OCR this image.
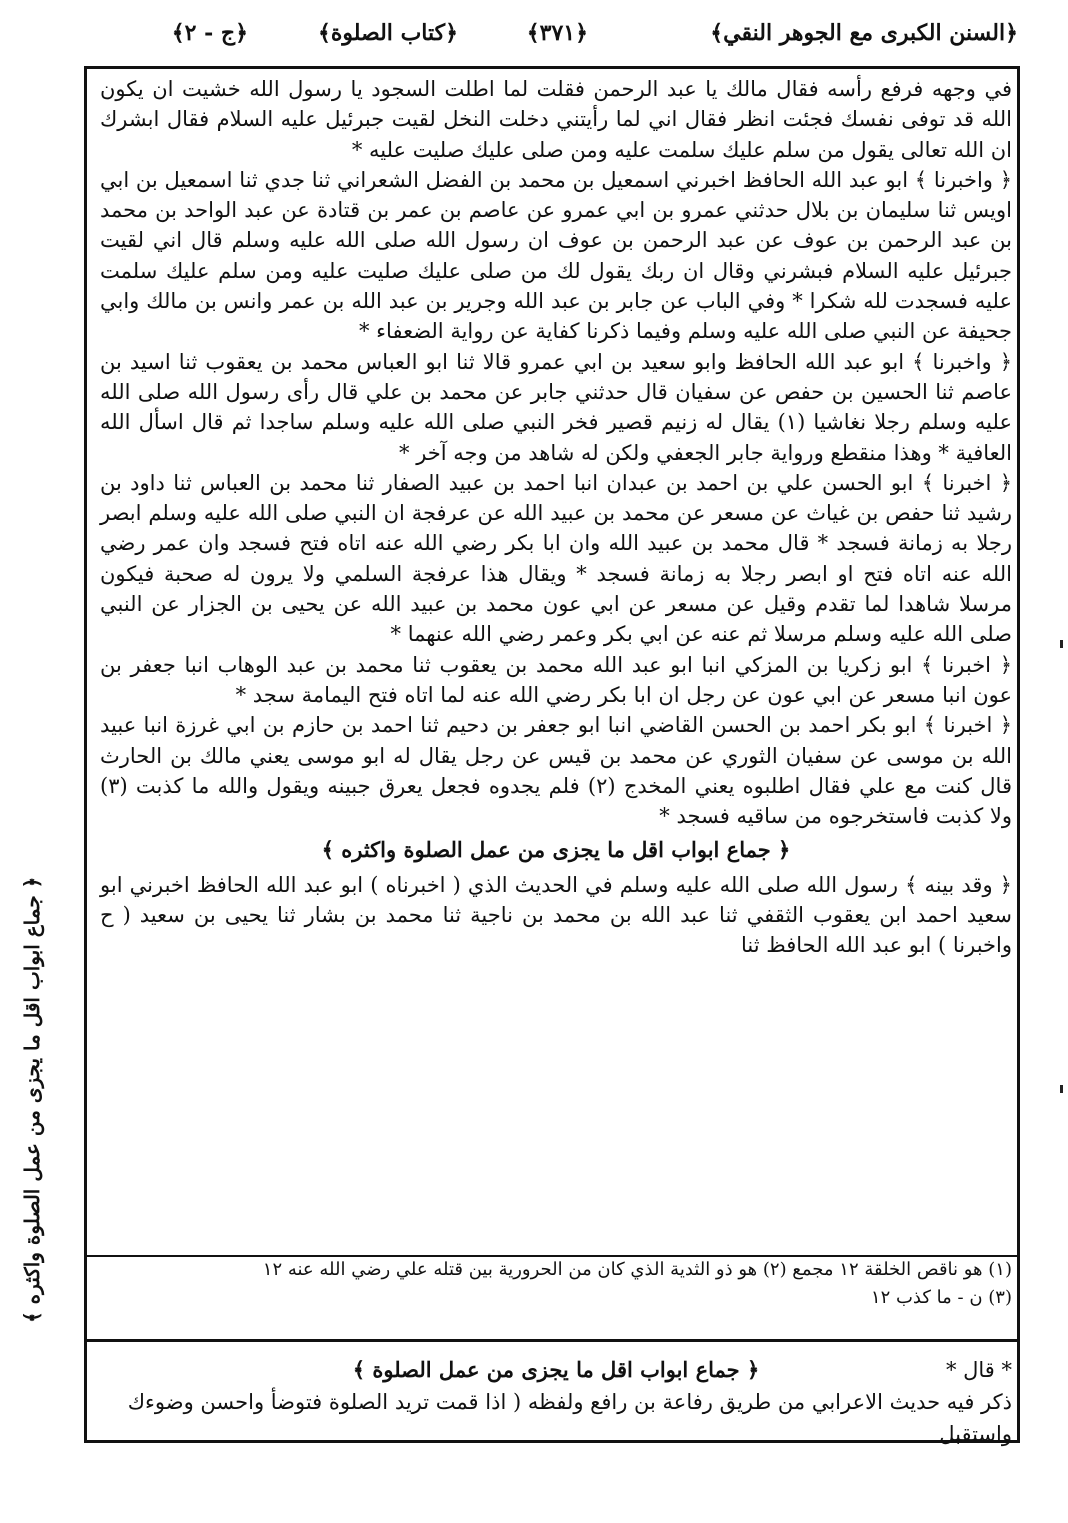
﴿السنن الكبرى مع الجوهر النقي﴾
﴿٣٧١﴾
﴿كتاب الصلوة﴾
﴿ج - ٢﴾

في وجهه فرفع رأسه فقال مالك يا عبد الرحمن فقلت لما اطلت السجود يا رسول الله خشيت ان يكون الله قد توفى نفسك فجئت انظر فقال اني لما رأيتني دخلت النخل لقيت جبرئيل عليه السلام فقال ابشرك ان الله تعالى يقول من سلم عليك سلمت عليه ومن صلى عليك صليت عليه *

﴿ واخبرنا ﴾ ابو عبد الله الحافظ اخبرني اسمعيل بن محمد بن الفضل الشعراني ثنا جدي ثنا اسمعيل بن ابي اويس ثنا سليمان بن بلال حدثني عمرو بن ابي عمرو عن عاصم بن عمر بن قتادة عن عبد الواحد بن محمد بن عبد الرحمن بن عوف عن عبد الرحمن بن عوف ان رسول الله صلى الله عليه وسلم قال اني لقيت جبرئيل عليه السلام فبشرني وقال ان ربك يقول لك من صلى عليك صليت عليه ومن سلم عليك سلمت عليه فسجدت لله شكرا * وفي الباب عن جابر بن عبد الله وجرير بن عبد الله بن عمر وانس بن مالك وابي جحيفة عن النبي صلى الله عليه وسلم وفيما ذكرنا كفاية عن رواية الضعفاء *

﴿ واخبرنا ﴾ ابو عبد الله الحافظ وابو سعيد بن ابي عمرو قالا ثنا ابو العباس محمد بن يعقوب ثنا اسيد بن عاصم ثنا الحسين بن حفص عن سفيان قال حدثني جابر عن محمد بن علي قال رأى رسول الله صلى الله عليه وسلم رجلا نغاشيا (١) يقال له زنيم قصير فخر النبي صلى الله عليه وسلم ساجدا ثم قال اسأل الله العافية * وهذا منقطع ورواية جابر الجعفي ولكن له شاهد من وجه آخر *

﴿ اخبرنا ﴾ ابو الحسن علي بن احمد بن عبدان انبا احمد بن عبيد الصفار ثنا محمد بن العباس ثنا داود بن رشيد ثنا حفص بن غياث عن مسعر عن محمد بن عبيد الله عن عرفجة ان النبي صلى الله عليه وسلم ابصر رجلا به زمانة فسجد * قال محمد بن عبيد الله وان ابا بكر رضي الله عنه اتاه فتح فسجد وان عمر رضي الله عنه اتاه فتح او ابصر رجلا به زمانة فسجد * ويقال هذا عرفجة السلمي ولا يرون له صحبة فيكون مرسلا شاهدا لما تقدم وقيل عن مسعر عن ابي عون محمد بن عبيد الله عن يحيى بن الجزار عن النبي صلى الله عليه وسلم مرسلا ثم عنه عن ابي بكر وعمر رضي الله عنهما *

﴿ اخبرنا ﴾ ابو زكريا بن المزكي انبا ابو عبد الله محمد بن يعقوب ثنا محمد بن عبد الوهاب انبا جعفر بن عون انبا مسعر عن ابي عون عن رجل ان ابا بكر رضي الله عنه لما اتاه فتح اليمامة سجد *

﴿ اخبرنا ﴾ ابو بكر احمد بن الحسن القاضي انبا ابو جعفر بن دحيم ثنا احمد بن حازم بن ابي غرزة انبا عبيد الله بن موسى عن سفيان الثوري عن محمد بن قيس عن رجل يقال له ابو موسى يعني مالك بن الحارث قال كنت مع علي فقال اطلبوه يعني المخدج (٢) فلم يجدوه فجعل يعرق جبينه ويقول والله ما كذبت (٣) ولا كذبت فاستخرجوه من ساقيه فسجد *

﴿ جماع ابواب اقل ما يجزى من عمل الصلوة واكثره ﴾

﴿ وقد بينه ﴾ رسول الله صلى الله عليه وسلم في الحديث الذي ( اخبرناه ) ابو عبد الله الحافظ اخبرني ابو سعيد احمد ابن يعقوب الثقفي ثنا عبد الله بن محمد بن ناجية ثنا محمد بن بشار ثنا يحيى بن سعيد ( ح واخبرنا ) ابو عبد الله الحافظ ثنا

(١) هو ناقص الخلقة ١٢ مجمع (٢) هو ذو الثدية الذي كان من الحرورية بين قتله علي رضي الله عنه ١٢

(٣) ن - ما كذب ١٢

* قال *

﴿ جماع ابواب اقل ما يجزى من عمل الصلوة ﴾

ذكر فيه حديث الاعرابي من طريق رفاعة بن رافع ولفظه ( اذا قمت تريد الصلوة فتوضأ واحسن وضوءك واستقبل

﴿ جماع ابواب اقل ما يجزى من عمل الصلوة واكثره ﴾
